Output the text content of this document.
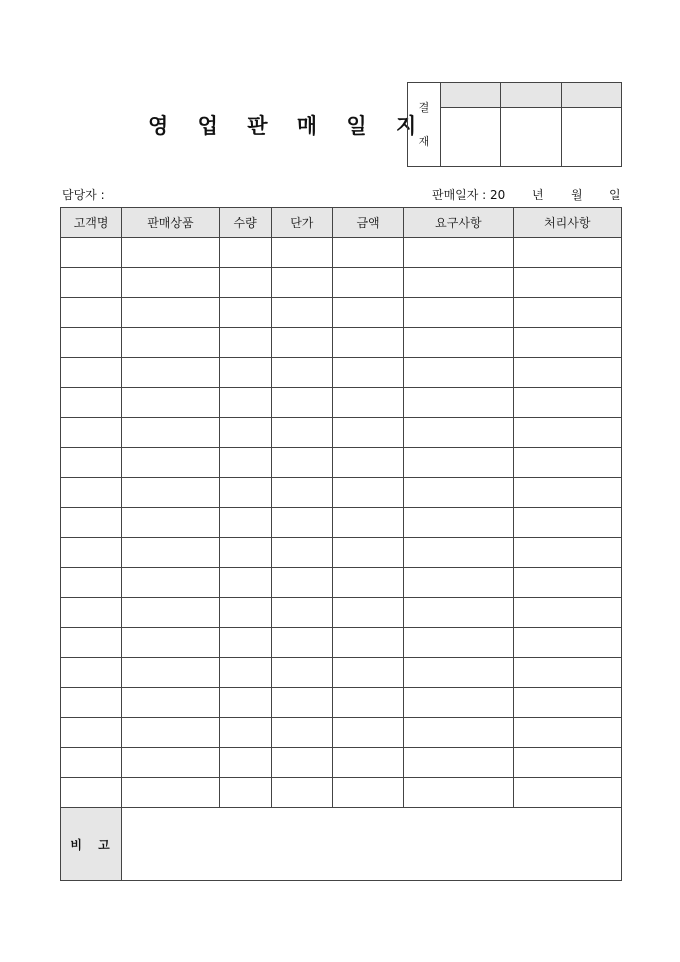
영 업 판 매 일 지
결
재			

담당자 :	판매일자 : 20 년 월 일
고객명	판매상품	수량	단가	금액	요구사항	처리사항

비 고						
